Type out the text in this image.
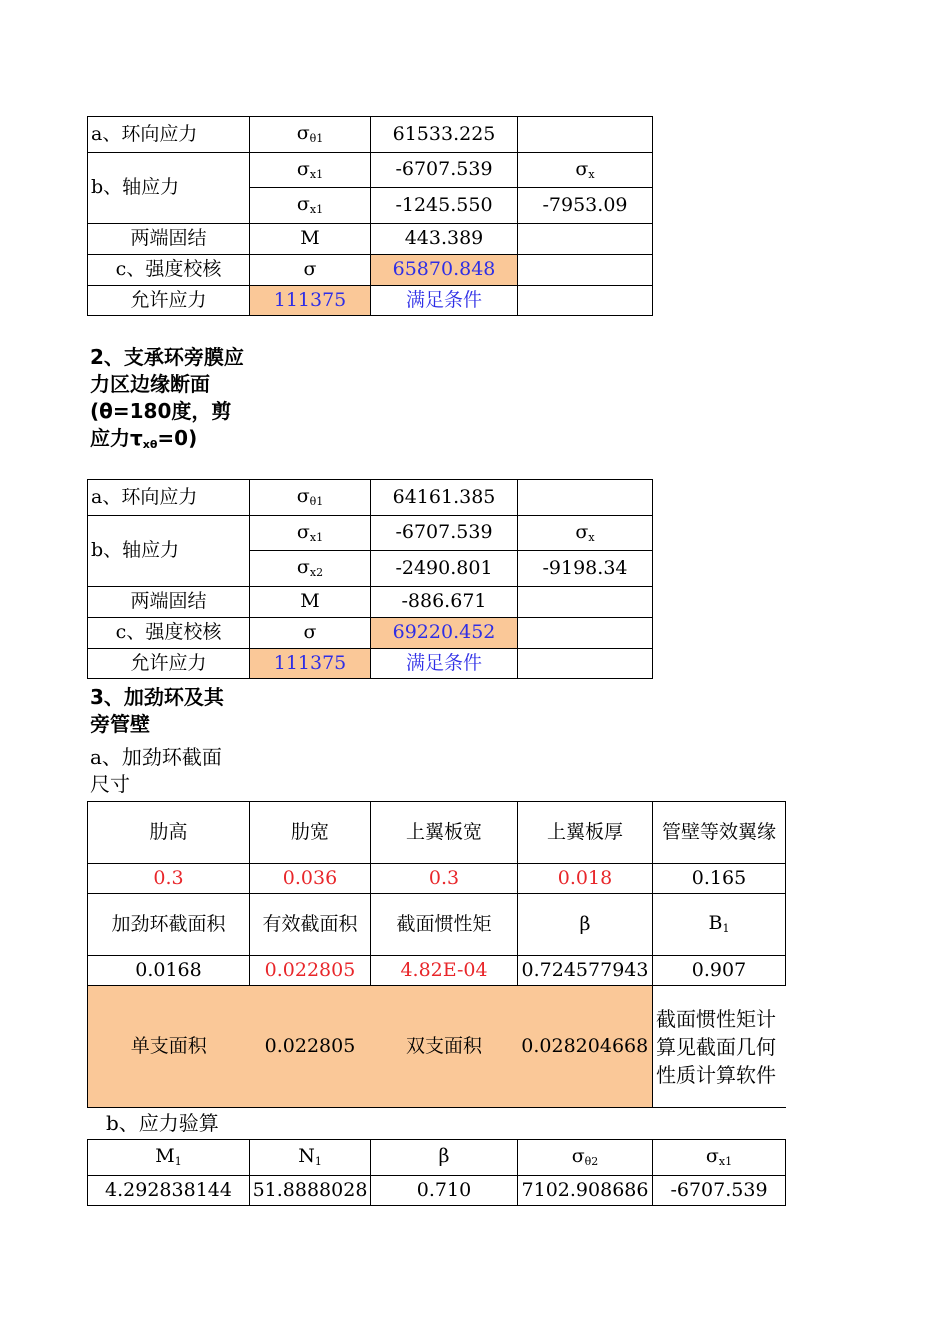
a、环向应力	$\sigma_{\theta 1}$	61533.225	
b、轴应力	$\sigma_{x1}$	-6707.539	$\sigma_x$
	$\sigma_{x1}$	-1245.550	-7953.09
两端固结	M	443.389	
c、强度校核	σ	65870.848	
允许应力	111375	满足条件	
2、支承环旁膜应力区边缘断面(θ=180度，剪应力$\tau_{x\theta}=0$)
a、环向应力	$\sigma_{\theta 1}$	64161.385	
b、轴应力	$\sigma_{x1}$	-6707.539	$\sigma_x$
	$\sigma_{x2}$	-2490.801	-9198.34
两端固结	M	-886.671	
c、强度校核	σ	69220.452	
允许应力	111375	满足条件	
3、加劲环及其旁管壁
a、加劲环截面尺寸
肋高	肋宽	上翼板宽	上翼板厚	管壁等效翼缘
0.3	0.036	0.3	0.018	0.165
加劲环截面积	有效截面积	截面惯性矩	β	$B_1$
0.0168	0.022805	4.82E-04	0.724577943	0.907
单支面积	0.022805	双支面积	0.028204668	截面惯性矩计算见截面几何性质计算软件
b、应力验算
$M_1$	$N_1$	β	$\sigma_{\theta 2}$	$\sigma_{x1}$
4.292838144	51.8888028	0.710	7102.908686	-6707.539
